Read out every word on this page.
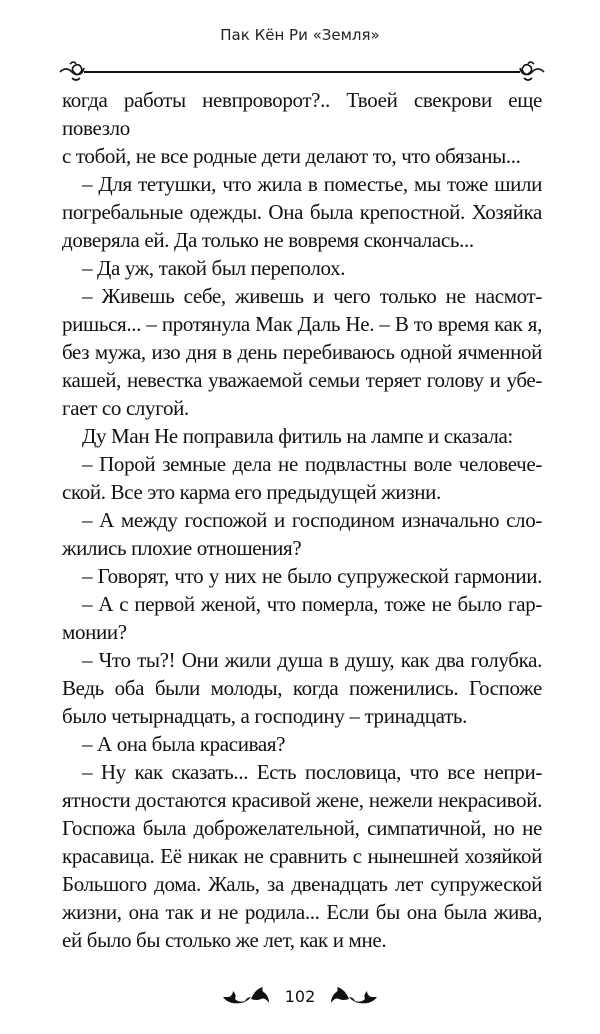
Пак Кён Ри «Земля»
когда работы невпроворот?.. Твоей свекрови еще повезло
с тобой, не все родные дети делают то, что обязаны...
– Для тетушки, что жила в поместье, мы тоже шили
погребальные одежды. Она была крепостной. Хозяйка
доверяла ей. Да только не вовремя скончалась...
– Да уж, такой был переполох.
– Живешь себе, живешь и чего только не насмот-
ришься... – протянула Мак Даль Не. – В то время как я,
без мужа, изо дня в день перебиваюсь одной ячменной
кашей, невестка уважаемой семьи теряет голову и убе-
гает со слугой.
Ду Ман Не поправила фитиль на лампе и сказала:
– Порой земные дела не подвластны воле человече-
ской. Все это карма его предыдущей жизни.
– А между госпожой и господином изначально сло-
жились плохие отношения?
– Говорят, что у них не было супружеской гармонии.
– А с первой женой, что померла, тоже не было гар-
монии?
– Что ты?! Они жили душа в душу, как два голубка.
Ведь оба были молоды, когда поженились. Госпоже
было четырнадцать, а господину – тринадцать.
– А она была красивая?
– Ну как сказать... Есть пословица, что все непри-
ятности достаются красивой жене, нежели некрасивой.
Госпожа была доброжелательной, симпатичной, но не
красавица. Её никак не сравнить с нынешней хозяйкой
Большого дома. Жаль, за двенадцать лет супружеской
жизни, она так и не родила... Если бы она была жива,
ей было бы столько же лет, как и мне.
102
